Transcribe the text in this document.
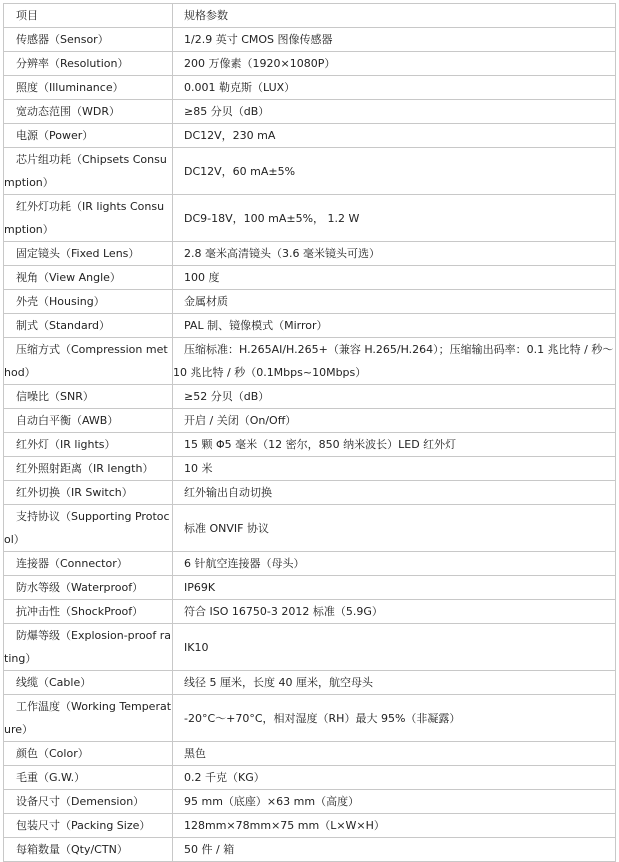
项目	规格参数
传感器（Sensor）	1/2.9 英寸 CMOS 图像传感器
分辨率（Resolution）	200 万像素（1920×1080P）
照度（Illuminance）	0.001 勒克斯（LUX）
宽动态范围（WDR）	≥85 分贝（dB）
电源（Power）	DC12V，230 mA
芯片组功耗（Chipsets Consumption）	DC12V，60 mA±5%
红外灯功耗（IR lights Consumption）	DC9-18V，100 mA±5%， 1.2 W
固定镜头（Fixed Lens）	2.8 毫米高清镜头（3.6 毫米镜头可选）
视角（View Angle）	100 度
外壳（Housing）	金属材质
制式（Standard）	PAL 制、镜像模式（Mirror）
压缩方式（Compression method）	压缩标准：H.265AI/H.265+（兼容 H.265/H.264）；压缩输出码率：0.1 兆比特 / 秒～10 兆比特 / 秒（0.1Mbps~10Mbps）
信噪比（SNR）	≥52 分贝（dB）
自动白平衡（AWB）	开启 / 关闭（On/Off）
红外灯（IR lights）	15 颗 Φ5 毫米（12 密尔，850 纳米波长）LED 红外灯
红外照射距离（IR length）	10 米
红外切换（IR Switch）	红外输出自动切换
支持协议（Supporting Protocol）	标准 ONVIF 协议
连接器（Connector）	6 针航空连接器（母头）
防水等级（Waterproof）	IP69K
抗冲击性（ShockProof）	符合 ISO 16750-3 2012 标准（5.9G）
防爆等级（Explosion-proof rating）	IK10
线缆（Cable）	线径 5 厘米，长度 40 厘米，航空母头
工作温度（Working Temperature）	-20°C～+70°C，相对湿度（RH）最大 95%（非凝露）
颜色（Color）	黑色
毛重（G.W.）	0.2 千克（KG）
设备尺寸（Demension）	95 mm（底座）×63 mm（高度）
包装尺寸（Packing Size）	128mm×78mm×75 mm（L×W×H）
每箱数量（Qty/CTN）	50 件 / 箱
